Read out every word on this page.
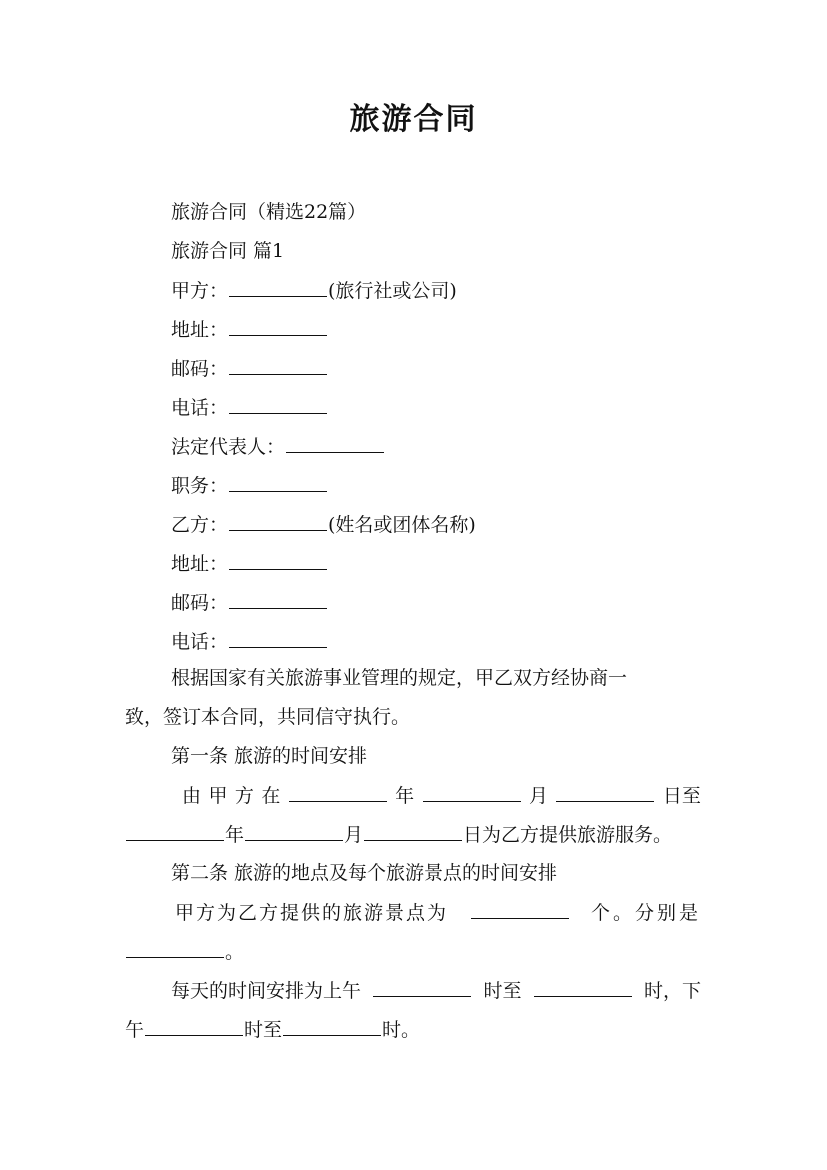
旅游合同
旅游合同（精选22篇）
旅游合同 篇1
甲方：	(旅行社或公司)
地址：
邮码：
电话：
法定代表人：
职务：
乙方：	(姓名或团体名称)
地址：
邮码：
电话：
根据国家有关旅游事业管理的规定，甲乙双方经协商一
致，签订本合同，共同信守执行。
第一条 旅游的时间安排
由 甲 方 在	年	月	日至
年	月	日为乙方提供旅游服务。
第二条 旅游的地点及每个旅游景点的时间安排
甲方为乙方提供的旅游景点为	个。分别是
。
每天的时间安排为上午	时至	时，下
午	时至	时。
